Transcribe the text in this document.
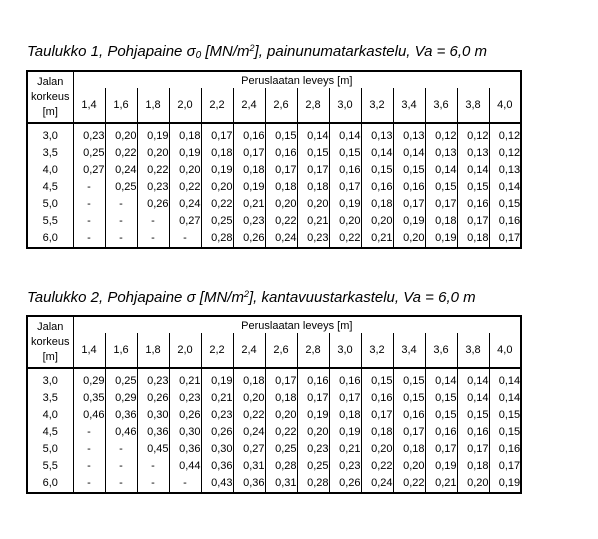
Taulukko 1, Pohjapaine $\sigma_0$ $[MN/m^2]$, painunumatarkastelu, Va = 6,0 m
Jalan
korkeus
[m]	Peruslaatan leveys [m]													
	1,4	1,6	1,8	2,0	2,2	2,4	2,6	2,8	3,0	3,2	3,4	3,6	3,8	4,0
3,0	0,23	0,20	0,19	0,18	0,17	0,16	0,15	0,14	0,14	0,13	0,13	0,12	0,12	0,12
3,5	0,25	0,22	0,20	0,19	0,18	0,17	0,16	0,15	0,15	0,14	0,14	0,13	0,13	0,12
4,0	0,27	0,24	0,22	0,20	0,19	0,18	0,17	0,17	0,16	0,15	0,15	0,14	0,14	0,13
4,5	-	0,25	0,23	0,22	0,20	0,19	0,18	0,18	0,17	0,16	0,16	0,15	0,15	0,14
5,0	-	-	0,26	0,24	0,22	0,21	0,20	0,20	0,19	0,18	0,17	0,17	0,16	0,15
5,5	-	-	-	0,27	0,25	0,23	0,22	0,21	0,20	0,20	0,19	0,18	0,17	0,16
6,0	-	-	-	-	0,28	0,26	0,24	0,23	0,22	0,21	0,20	0,19	0,18	0,17
Taulukko 2, Pohjapaine σ $[MN/m^2]$, kantavuustarkastelu, Va = 6,0 m
Jalan
korkeus
[m]	Peruslaatan leveys [m]													
	1,4	1,6	1,8	2,0	2,2	2,4	2,6	2,8	3,0	3,2	3,4	3,6	3,8	4,0
3,0	0,29	0,25	0,23	0,21	0,19	0,18	0,17	0,16	0,16	0,15	0,15	0,14	0,14	0,14
3,5	0,35	0,29	0,26	0,23	0,21	0,20	0,18	0,17	0,17	0,16	0,15	0,15	0,14	0,14
4,0	0,46	0,36	0,30	0,26	0,23	0,22	0,20	0,19	0,18	0,17	0,16	0,15	0,15	0,15
4,5	-	0,46	0,36	0,30	0,26	0,24	0,22	0,20	0,19	0,18	0,17	0,16	0,16	0,15
5,0	-	-	0,45	0,36	0,30	0,27	0,25	0,23	0,21	0,20	0,18	0,17	0,17	0,16
5,5	-	-	-	0,44	0,36	0,31	0,28	0,25	0,23	0,22	0,20	0,19	0,18	0,17
6,0	-	-	-	-	0,43	0,36	0,31	0,28	0,26	0,24	0,22	0,21	0,20	0,19
